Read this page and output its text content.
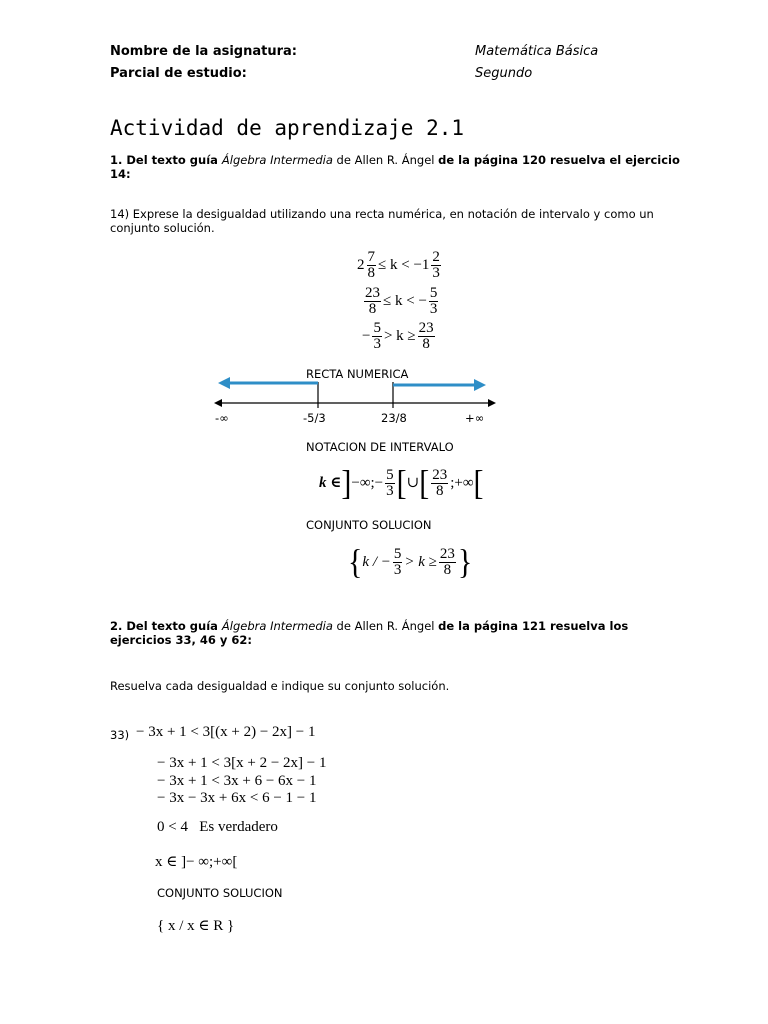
Nombre de la asignatura:	Matemática Básica
Parcial de estudio:	Segundo
Actividad de aprendizaje 2.1
1. Del texto guía Álgebra Intermedia de Allen R. Ángel de la página 120 resuelva el ejercicio
14:
14) Exprese la desigualdad utilizando una recta numérica, en notación de intervalo y como un
conjunto solución.
$2 \frac{7}{8} \le k < -1 \frac{2}{3}$
$\frac{23}{8} \le k$ < − $\frac{5}{3}$
− $\frac{5}{3} > k \ge \frac{23}{8}$
RECTA NUMERICA
-∞	-5/3	23/8	+∞
NOTACION DE INTERVALO
k ∈]−∞;− $\frac{5}{3}$ [∪[ $\frac{23}{8}$ ;+∞[
CONJUNTO SOLUCION
{k / − $\frac{5}{3} > k \ge \frac{23}{8}$ }
2. Del texto guía Álgebra Intermedia de Allen R. Ángel de la página 121 resuelva los
ejercicios 33, 46 y 62:
Resuelva cada desigualdad e indique su conjunto solución.
33) − 3x + 1 < 3[(x + 2) − 2x] − 1
− 3x + 1 < 3[x + 2 − 2x] − 1
− 3x + 1 < 3x + 6 − 6x − 1
− 3x − 3x + 6x < 6 − 1 − 1
0 < 4 Es verdadero
x ∈ ]− ∞;+∞[
CONJUNTO SOLUCION
{ x / x ∈ R }
